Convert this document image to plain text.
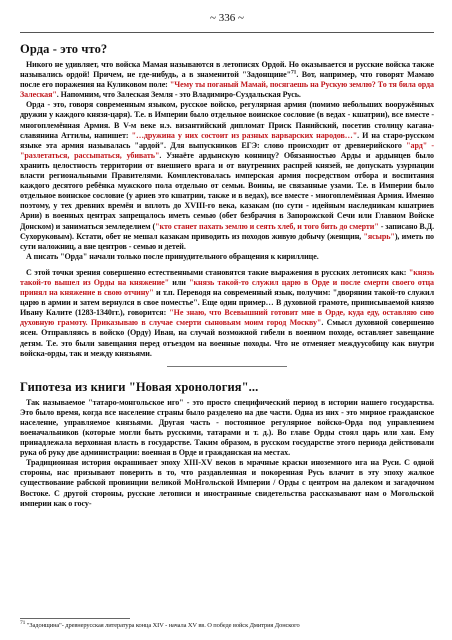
~ 336 ~
Орда - это что?

Никого не удивляет, что войска Мамая называются в летописях Ордой. Но оказывается и русские войска также назывались ордой! Причем, не где-нибудь, а в знаменитой "Задонщине"$^{71}$. Вот, например, что говорят Мамаю после его поражения на Куликовом поле: "Чему ты поганый Мамай, посягаешь на Рускую землю? То тя била орда Залеская". Напомним, что Залеская Земля - это Владимиро-Суздальская Русь.

Орда - это, говоря современным языком, русское войско, регулярная армия (помимо небольших вооружённых дружин у каждого князя-царя). Т.е. в Империи было отдельное воинское сословие (в ведах - кшатрии), все вместе - многоплемённая Армия. В V-м веке н.э. византийский дипломат Приск Панийский, посетив столицу кагана-славянина Аттилы, напишет: "…дружина у них состоит из разных варварских народов…". И на старо-русском языке эта армия называлась "ардой". Для выпускников ЕГЭ: слово происходит от древнерийского "ард" - "разлетаться, рассыпаться, убивать". Узнаёте ардынскую конницу? Обязанностью Арды и ардынцев было хранить целостность территории от внешнего врага и от внутренних распрей князей, не допускать узурпации власти региональными Правителями. Комплектовалась имперская армия посредством отбора и воспитания каждого десятого ребёнка мужского пола отдельно от семьи. Воины, не связанные узами. Т.е. в Империи было отдельное воинское сословие (у ариев это кшатрии, также и в ведах), все вместе - многоплемённая Армия. Именно поэтому, у тех древних времён и вплоть до XVIII-го века, казакам (по сути - идейным наследникам кшатриев Арии) в военных центрах запрещалось иметь семью (обет безбрачия в Запорожской Сечи или Главном Войске Донском) и заниматься земледелием ("кто станет пахать землю и сеять хлеб, и того бить до смерти" - записано В.Д. Сухоруковым). Кстати, обет не мешал казакам приводить из походов живую добычу (женщин, "ясырь"), иметь по сути наложниц, а вне центров - семью и детей.

А писать "Орда" начали только после принудительного обращения к кириллице.

С этой точки зрения совершенно естественными становятся такие выражения в русских летописях как: "князь такой-то вышел из Орды на княжение" или "князь такой-то служил царю в Орде и после смерти своего отца принял на княжение в свою отчину" и т.п. Переводя на современный язык, получим: "дворянин такой-то служил царю в армии и затем вернулся в свое поместье". Еще один пример… В духовной грамоте, приписываемой князю Ивану Калите (1283-1340гг.), говорится: "Не знаю, что Всевышний готовит мне в Орде, куда еду, оставляю сию духовную грамоту. Приказываю в случае смерти сыновьям моим город Москву". Смысл духовной совершенно ясен. Отправляясь в войско (Орду) Иван, на случай возможной гибели в военном походе, оставляет завещание детям. Т.е. это были завещания перед отъездом на военные походы. Что не отменяет междуусобицу как внутри войска-орды, так и между князьями.

Гипотеза из книги "Новая хронология"...

Так называемое "татаро-монгольское иго" - это просто специфический период в истории нашего государства. Это было время, когда все население страны было разделено на две части. Одна из них - это мирное гражданское население, управляемое князьями. Другая часть - постоянное регулярное войско-Орда под управлением военачальников (которые могли быть русскими, татарами и т. д.). Во главе Орды стоял царь или хан. Ему принадлежала верховная власть в государстве. Таким образом, в русском государстве этого периода действовали рука об руку две администрации: военная в Орде и гражданская на местах.

Традиционная история окрашивает эпоху XIII-XV веков в мрачные краски иноземного ига на Руси. С одной стороны, нас призывают поверить в то, что раздавленная и покоренная Русь влачит в эту эпоху жалкое существование рабской провинции великой МоНгольской Империи / Орды с центром на далеком и загадочном Востоке. С другой стороны, русские летописи и иностранные свидетельства рассказывают нам о Могольской империи как о госу-

$^{71}$ "Задонщина"- древнерусская литература конца XIV - начала XV вв. О победе войск Дмитрия Донского
